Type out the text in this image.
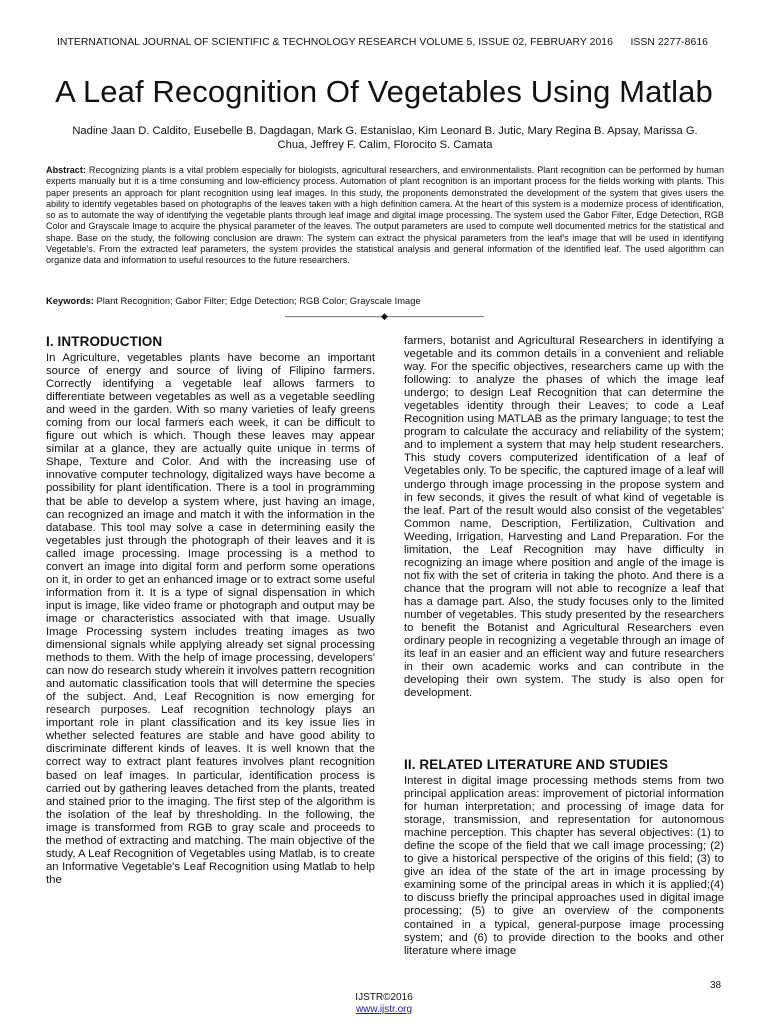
INTERNATIONAL JOURNAL OF SCIENTIFIC & TECHNOLOGY RESEARCH VOLUME 5, ISSUE 02, FEBRUARY 2016 ISSN 2277-8616
A Leaf Recognition Of Vegetables Using Matlab
Nadine Jaan D. Caldito, Eusebelle B. Dagdagan, Mark G. Estanislao, Kim Leonard B. Jutic, Mary Regina B. Apsay, Marissa G. Chua, Jeffrey F. Calim, Florocito S. Camata
Abstract: Recognizing plants is a vital problem especially for biologists, agricultural researchers, and environmentalists. Plant recognition can be performed by human experts manually but it is a time consuming and low-efficiency process. Automation of plant recognition is an important process for the fields working with plants. This paper presents an approach for plant recognition using leaf images. In this study, the proponents demonstrated the development of the system that gives users the ability to identify vegetables based on photographs of the leaves taken with a high definition camera. At the heart of this system is a modernize process of identification, so as to automate the way of identifying the vegetable plants through leaf image and digital image processing. The system used the Gabor Filter, Edge Detection, RGB Color and Grayscale Image to acquire the physical parameter of the leaves. The output parameters are used to compute well documented metrics for the statistical and shape. Base on the study, the following conclusion are drawn: The system can extract the physical parameters from the leaf's image that will be used in identifying Vegetable's. From the extracted leaf parameters, the system provides the statistical analysis and general information of the identified leaf. The used algorithm can organize data and information to useful resources to the future researchers.
Keywords: Plant Recognition; Gabor Filter; Edge Detection; RGB Color; Grayscale Image
————————————◆————————————
I. INTRODUCTION
In Agriculture, vegetables plants have become an important source of energy and source of living of Filipino farmers. Correctly identifying a vegetable leaf allows farmers to differentiate between vegetables as well as a vegetable seedling and weed in the garden. With so many varieties of leafy greens coming from our local farmers each week, it can be difficult to figure out which is which. Though these leaves may appear similar at a glance, they are actually quite unique in terms of Shape, Texture and Color. And with the increasing use of innovative computer technology, digitalized ways have become a possibility for plant identification. There is a tool in programming that be able to develop a system where, just having an image, can recognized an image and match it with the information in the database. This tool may solve a case in determining easily the vegetables just through the photograph of their leaves and it is called image processing. Image processing is a method to convert an image into digital form and perform some operations on it, in order to get an enhanced image or to extract some useful information from it. It is a type of signal dispensation in which input is image, like video frame or photograph and output may be image or characteristics associated with that image. Usually Image Processing system includes treating images as two dimensional signals while applying already set signal processing methods to them. With the help of image processing, developers' can now do research study wherein it involves pattern recognition and automatic classification tools that will determine the species of the subject. And, Leaf Recognition is now emerging for research purposes. Leaf recognition technology plays an important role in plant classification and its key issue lies in whether selected features are stable and have good ability to discriminate different kinds of leaves. It is well known that the correct way to extract plant features involves plant recognition based on leaf images. In particular, identification process is carried out by gathering leaves detached from the plants, treated and stained prior to the imaging. The first step of the algorithm is the isolation of the leaf by thresholding. In the following, the image is transformed from RGB to gray scale and proceeds to the method of extracting and matching. The main objective of the study, A Leaf Recognition of Vegetables using Matlab, is to create an Informative Vegetable's Leaf Recognition using Matlab to help the
farmers, botanist and Agricultural Researchers in identifying a vegetable and its common details in a convenient and reliable way. For the specific objectives, researchers came up with the following: to analyze the phases of which the image leaf undergo; to design Leaf Recognition that can determine the vegetables identity through their Leaves; to code a Leaf Recognition using MATLAB as the primary language; to test the program to calculate the accuracy and reliability of the system; and to implement a system that may help student researchers. This study covers computerized identification of a leaf of Vegetables only. To be specific, the captured image of a leaf will undergo through image processing in the propose system and in few seconds, it gives the result of what kind of vegetable is the leaf. Part of the result would also consist of the vegetables' Common name, Description, Fertilization, Cultivation and Weeding, Irrigation, Harvesting and Land Preparation. For the limitation, the Leaf Recognition may have difficulty in recognizing an image where position and angle of the image is not fix with the set of criteria in taking the photo. And there is a chance that the program will not able to recognize a leaf that has a damage part. Also, the study focuses only to the limited number of vegetables. This study presented by the researchers to benefit the Botanist and Agricultural Researchers even ordinary people in recognizing a vegetable through an image of its leaf in an easier and an efficient way and future researchers in their own academic works and can contribute in the developing their own system. The study is also open for development.
II. RELATED LITERATURE AND STUDIES
Interest in digital image processing methods stems from two principal application areas: improvement of pictorial information for human interpretation; and processing of image data for storage, transmission, and representation for autonomous machine perception. This chapter has several objectives: (1) to define the scope of the field that we call image processing; (2) to give a historical perspective of the origins of this field; (3) to give an idea of the state of the art in image processing by examining some of the principal areas in which it is applied;(4) to discuss briefly the principal approaches used in digital image processing; (5) to give an overview of the components contained in a typical, general-purpose image processing system; and (6) to provide direction to the books and other literature where image
38
IJSTR©2016
www.ijstr.org
